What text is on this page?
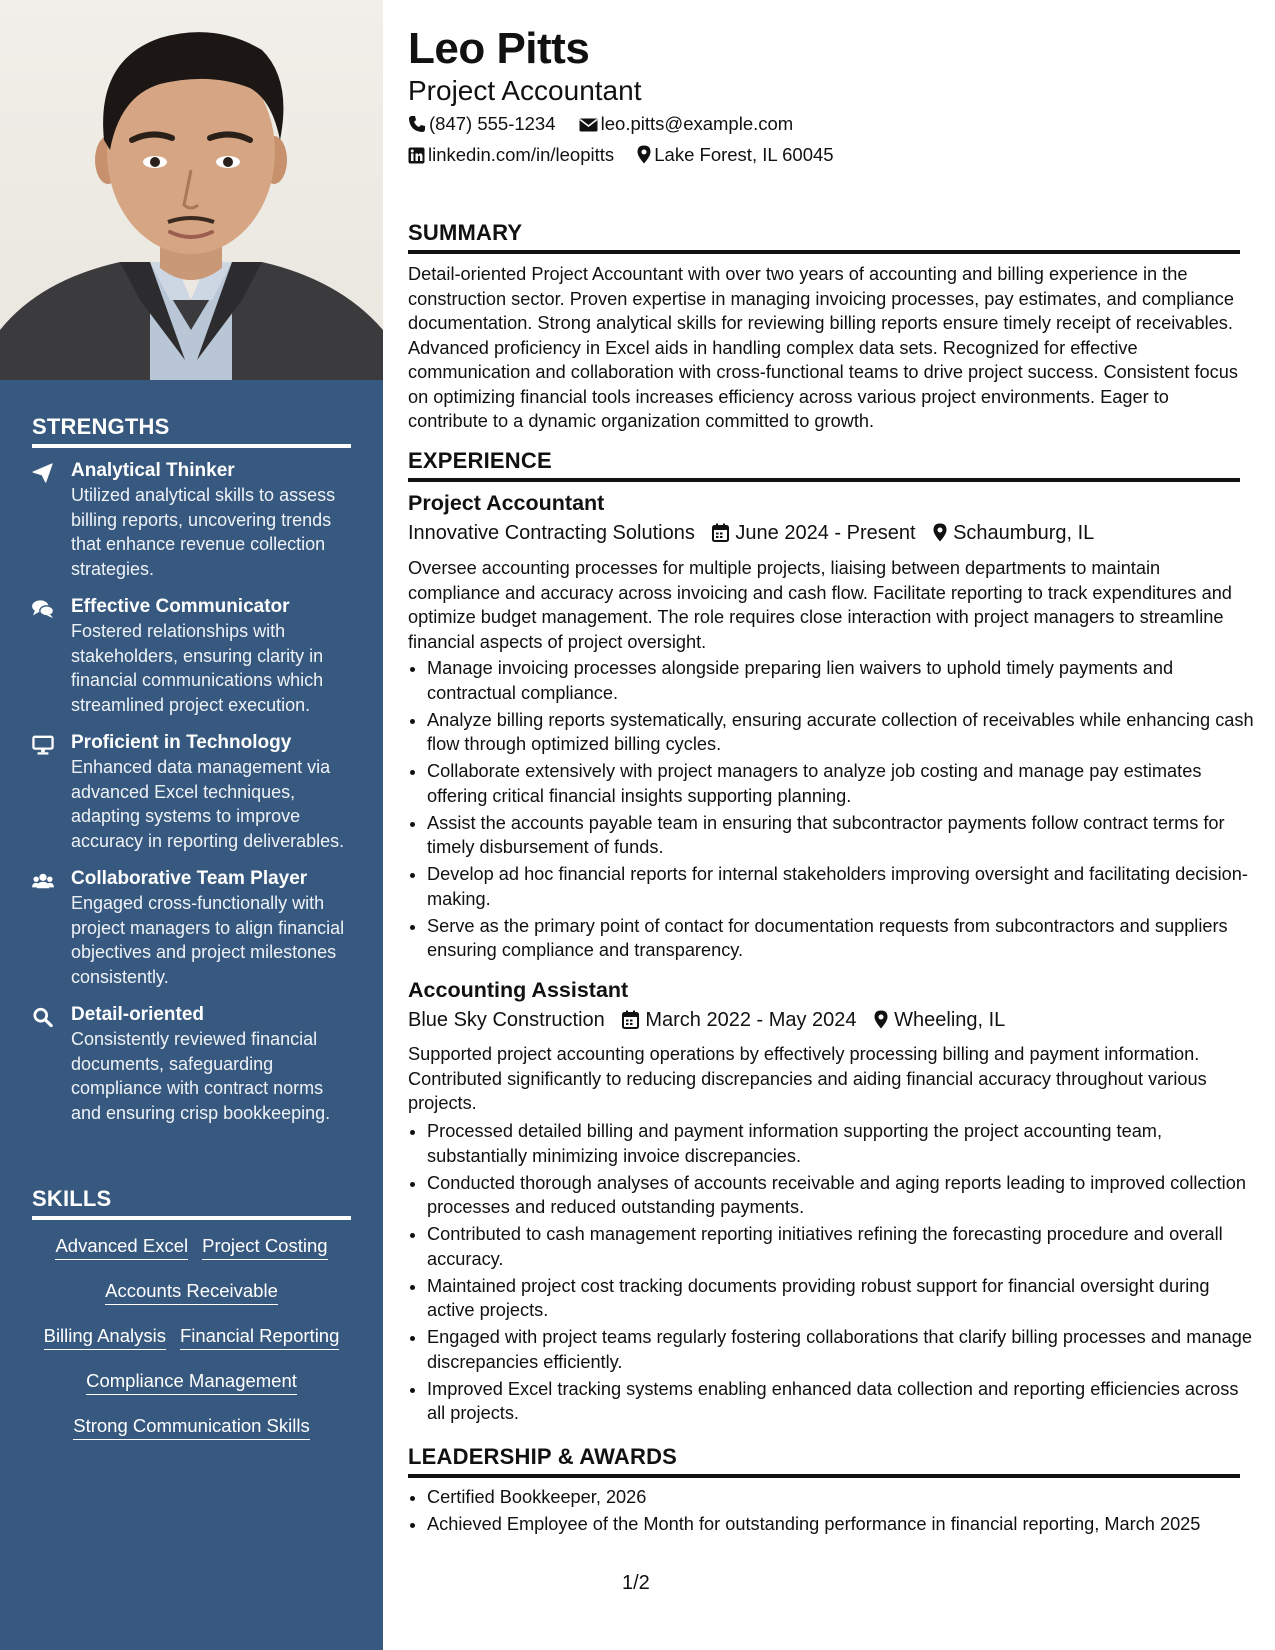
STRENGTHS
Analytical Thinker
Utilized analytical skills to assess billing reports, uncovering trends that enhance revenue collection strategies.
Effective Communicator
Fostered relationships with stakeholders, ensuring clarity in financial communications which streamlined project execution.
Proficient in Technology
Enhanced data management via advanced Excel techniques, adapting systems to improve accuracy in reporting deliverables.
Collaborative Team Player
Engaged cross-functionally with project managers to align financial objectives and project milestones consistently.
Detail-oriented
Consistently reviewed financial documents, safeguarding compliance with contract norms and ensuring crisp bookkeeping.
SKILLS
Advanced Excel Project Costing
Accounts Receivable
Billing Analysis Financial Reporting
Compliance Management
Strong Communication Skills
Leo Pitts
Project Accountant
(847) 555-1234 leo.pitts@example.com
linkedin.com/in/leopitts Lake Forest, IL 60045
SUMMARY

Detail-oriented Project Accountant with over two years of accounting and billing experience in the construction sector. Proven expertise in managing invoicing processes, pay estimates, and compliance documentation. Strong analytical skills for reviewing billing reports ensure timely receipt of receivables. Advanced proficiency in Excel aids in handling complex data sets. Recognized for effective communication and collaboration with cross-functional teams to drive project success. Consistent focus on optimizing financial tools increases efficiency across various project environments. Eager to contribute to a dynamic organization committed to growth.

EXPERIENCE
Project Accountant
Innovative Contracting Solutions June 2024 - Present Schaumburg, IL

Oversee accounting processes for multiple projects, liaising between departments to maintain compliance and accuracy across invoicing and cash flow. Facilitate reporting to track expenditures and optimize budget management. The role requires close interaction with project managers to streamline financial aspects of project oversight.

• Manage invoicing processes alongside preparing lien waivers to uphold timely payments and contractual compliance.
• Analyze billing reports systematically, ensuring accurate collection of receivables while enhancing cash flow through optimized billing cycles.
• Collaborate extensively with project managers to analyze job costing and manage pay estimates offering critical financial insights supporting planning.
• Assist the accounts payable team in ensuring that subcontractor payments follow contract terms for timely disbursement of funds.
• Develop ad hoc financial reports for internal stakeholders improving oversight and facilitating decision-making.
• Serve as the primary point of contact for documentation requests from subcontractors and suppliers ensuring compliance and transparency.
Accounting Assistant
Blue Sky Construction March 2022 - May 2024 Wheeling, IL

Supported project accounting operations by effectively processing billing and payment information. Contributed significantly to reducing discrepancies and aiding financial accuracy throughout various projects.

• Processed detailed billing and payment information supporting the project accounting team, substantially minimizing invoice discrepancies.
• Conducted thorough analyses of accounts receivable and aging reports leading to improved collection processes and reduced outstanding payments.
• Contributed to cash management reporting initiatives refining the forecasting procedure and overall accuracy.
• Maintained project cost tracking documents providing robust support for financial oversight during active projects.
• Engaged with project teams regularly fostering collaborations that clarify billing processes and manage discrepancies efficiently.
• Improved Excel tracking systems enabling enhanced data collection and reporting efficiencies across all projects.
LEADERSHIP & AWARDS
• Certified Bookkeeper, 2026
• Achieved Employee of the Month for outstanding performance in financial reporting, March 2025
1/2
